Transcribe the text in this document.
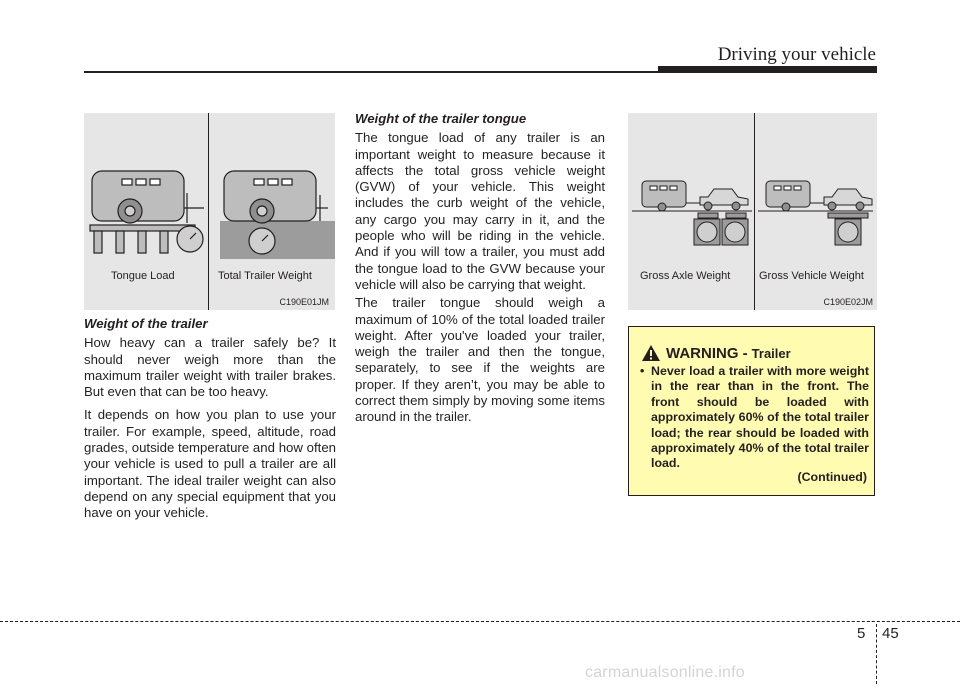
Driving your vehicle
Tongue Load	Total Trailer Weight
C190E01JM
Gross Axle Weight	Gross Vehicle Weight
C190E02JM
Weight of the trailer

How heavy can a trailer safely be? It should never weigh more than the maximum trailer weight with trailer brakes. But even that can be too heavy.

It depends on how you plan to use your trailer. For example, speed, altitude, road grades, outside temperature and how often your vehicle is used to pull a trailer are all important. The ideal trailer weight can also depend on any special equipment that you have on your vehicle.

Weight of the trailer tongue

The tongue load of any trailer is an important weight to measure because it affects the total gross vehicle weight (GVW) of your vehicle. This weight includes the curb weight of the vehicle, any cargo you may carry in it, and the people who will be riding in the vehicle. And if you will tow a trailer, you must add the tongue load to the GVW because your vehicle will also be carrying that weight.

The trailer tongue should weigh a maximum of 10% of the total loaded trailer weight. After you've loaded your trailer, weigh the trailer and then the tongue, separately, to see if the weights are proper. If they aren’t, you may be able to correct them simply by moving some items around in the trailer.

WARNING - Trailer
• Never load a trailer with more weight in the rear than in the front. The front should be loaded with approximately 60% of the total trailer load; the rear should be loaded with approximately 40% of the total trailer load.
(Continued)
5 45
carmanualsonline.info
